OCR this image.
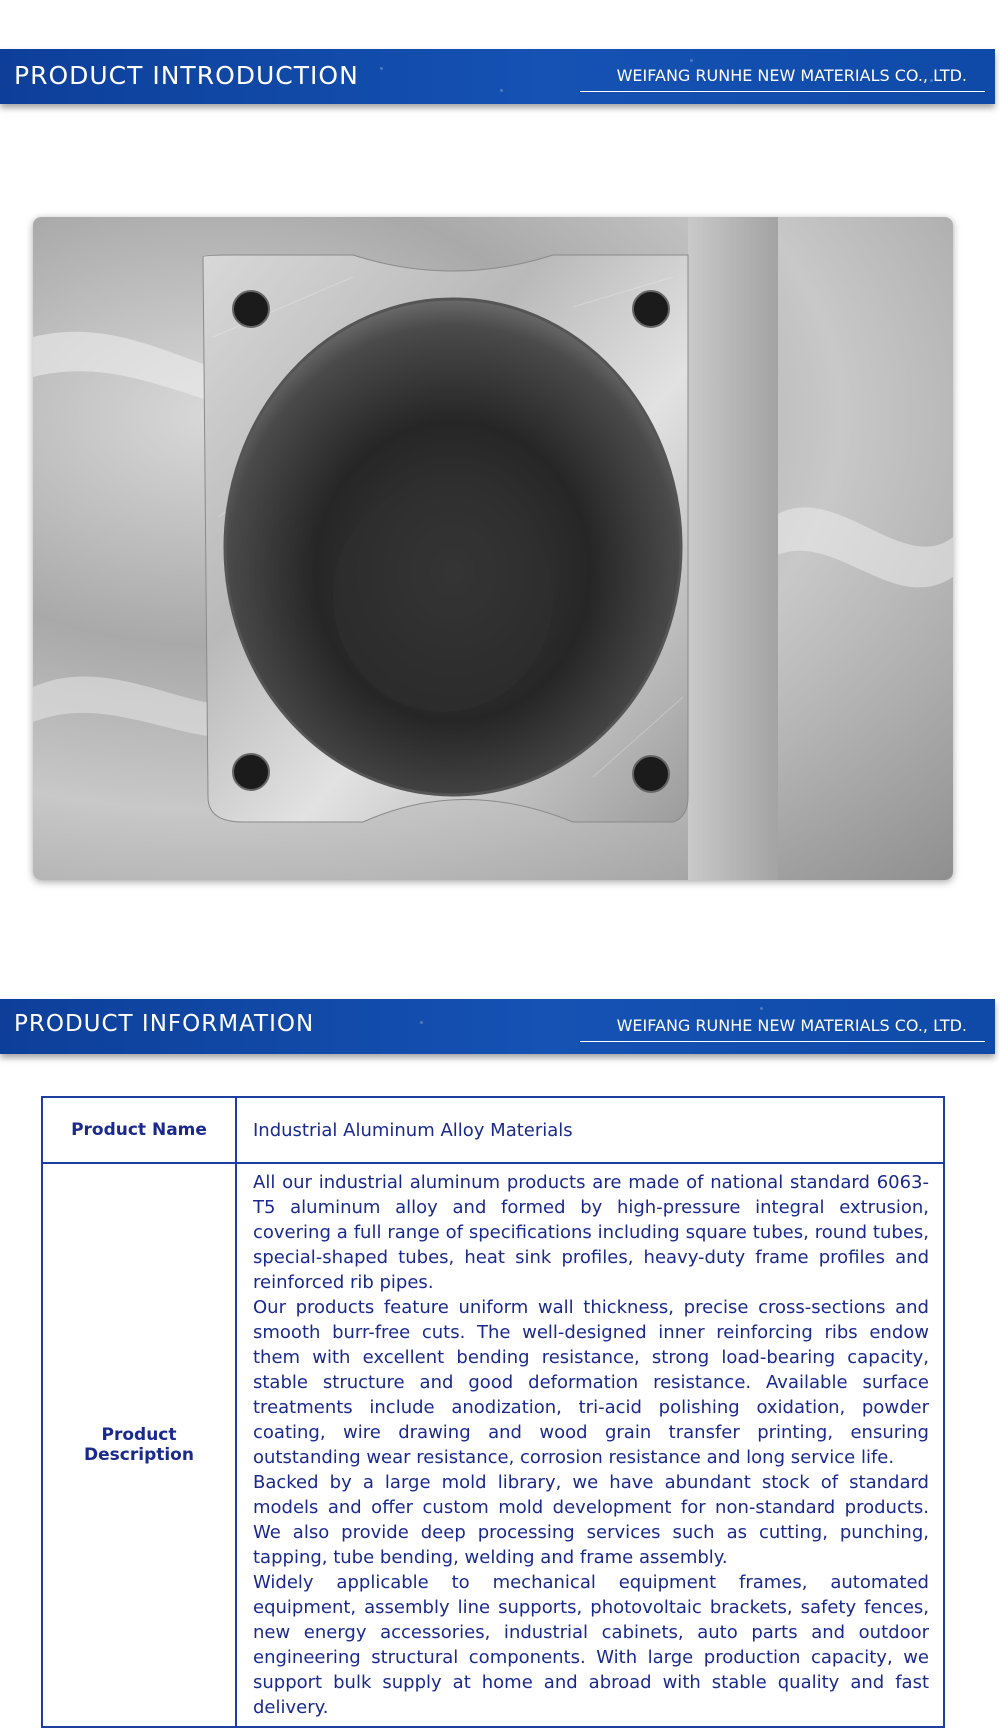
PRODUCT INTRODUCTION	WEIFANG RUNHE NEW MATERIALS CO., LTD.
PRODUCT INFORMATION	WEIFANG RUNHE NEW MATERIALS CO., LTD.
Product Name	Industrial Aluminum Alloy Materials
Product Description	All our industrial aluminum products are made of national standard 6063-T5 aluminum alloy and formed by high-pressure integral extrusion, covering a full range of specifications including square tubes, round tubes, special-shaped tubes, heat sink profiles, heavy-duty frame profiles and reinforced rib pipes.

Our products feature uniform wall thickness, precise cross-sections and smooth burr-free cuts. The well-designed inner reinforcing ribs endow them with excellent bending resistance, strong load-bearing capacity, stable structure and good deformation resistance. Available surface treatments include anodization, tri-acid polishing oxidation, powder coating, wire drawing and wood grain transfer printing, ensuring outstanding wear resistance, corrosion resistance and long service life.

Backed by a large mold library, we have abundant stock of standard models and offer custom mold development for non-standard products. We also provide deep processing services such as cutting, punching, tapping, tube bending, welding and frame assembly.

Widely applicable to mechanical equipment frames, automated equipment, assembly line supports, photovoltaic brackets, safety fences, new energy accessories, industrial cabinets, auto parts and outdoor engineering structural components. With large production capacity, we support bulk supply at home and abroad with stable quality and fast delivery.
